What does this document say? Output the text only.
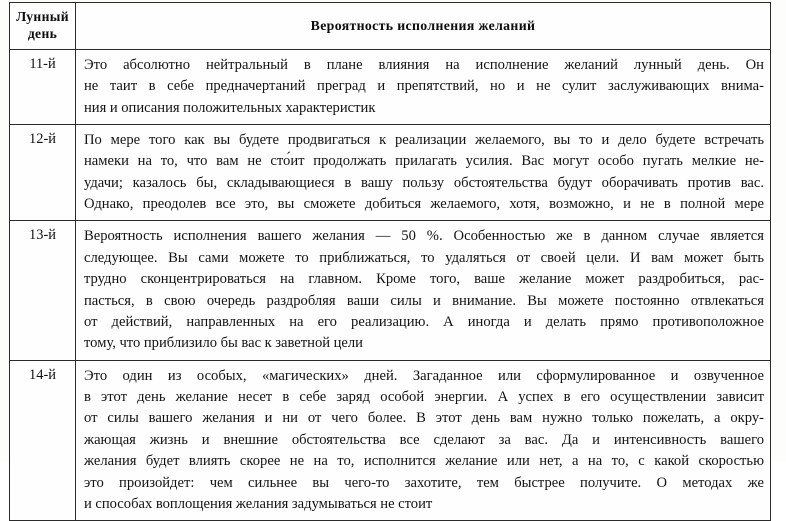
Лунный
день	Вероятность исполнения желаний
11-й	Это абсолютно нейтральный в плане влияния на исполнение желаний лунный день. Он
не таит в себе предначертаний преград и препятствий, но и не сулит заслуживающих внима-
ния и описания положительных характеристик

12-й	По мере того как вы будете продвигаться к реализации желаемого, вы то и дело будете встречать
намеки на то, что вам не сто́ит продолжать прилагать усилия. Вас могут особо пугать мелкие не-
удачи; казалось бы, складывающиеся в вашу пользу обстоятельства будут оборачивать против вас.
Однако, преодолев все это, вы сможете добиться желаемого, хотя, возможно, и не в полной мере

13-й	Вероятность исполнения вашего желания — 50 %. Особенностью же в данном случае является
следующее. Вы сами можете то приближаться, то удаляться от своей цели. И вам может быть
трудно сконцентрироваться на главном. Кроме того, ваше желание может раздробиться, рас-
пасться, в свою очередь раздробляя ваши силы и внимание. Вы можете постоянно отвлекаться
от действий, направленных на его реализацию. А иногда и делать прямо противоположное
тому, что приблизило бы вас к заветной цели

14-й	Это один из особых, «магических» дней. Загаданное или сформулированное и озвученное
в этот день желание несет в себе заряд особой энергии. А успех в его осуществлении зависит
от силы вашего желания и ни от чего более. В этот день вам нужно только пожелать, а окру-
жающая жизнь и внешние обстоятельства все сделают за вас. Да и интенсивность вашего
желания будет влиять скорее не на то, исполнится желание или нет, а на то, с какой скоростью
это произойдет: чем сильнее вы чего-то захотите, тем быстрее получите. О методах же
и способах воплощения желания задумываться не стоит
